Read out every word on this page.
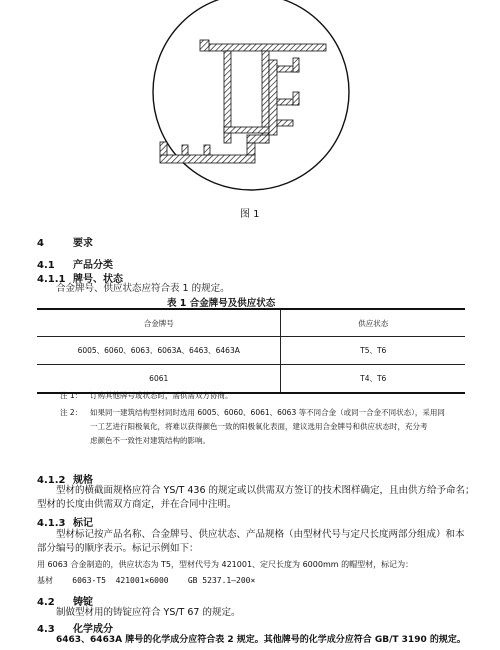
图 1
4	要求
4.1 产品分类
4.1.1 牌号、状态
合金牌号、供应状态应符合表 1 的规定。
表 1 合金牌号及供应状态
合金牌号	供应状态
6005、6060、6063、6063A、6463、6463A	T5、T6
6061	T4、T6
注 1： 订购其他牌号或状态时，需供需双方协商。
注 2： 如果同一建筑结构型材同时选用 6005、6060、6061、6063 等不同合金（或同一合金不同状态），采用同
一工艺进行阳极氧化，将难以获得颜色一致的阳极氧化表面，建议选用合金牌号和供应状态时，充分考
虑颜色不一致性对建筑结构的影响。
4.1.2 规格
型材的横截面规格应符合 YS/T 436 的规定或以供需双方签订的技术图样确定，且由供方给予命名；
型材的长度由供需双方商定，并在合同中注明。
4.1.3 标记
型材标记按产品名称、合金牌号、供应状态、产品规格（由型材代号与定尺长度两部分组成）和本
部分编号的顺序表示。标记示例如下：
用 6063 合金制造的，供应状态为 T5，型材代号为 421001、定尺长度为 6000mm 的帽型材，标记为：
基材    6063-T5  421001×6000    GB 5237.1—200×
4.2 铸锭
制做型材用的铸锭应符合 YS/T 67 的规定。
4.3 化学成分
6463、6463A 牌号的化学成分应符合表 2 规定。其他牌号的化学成分应符合 GB/T 3190 的规定。
